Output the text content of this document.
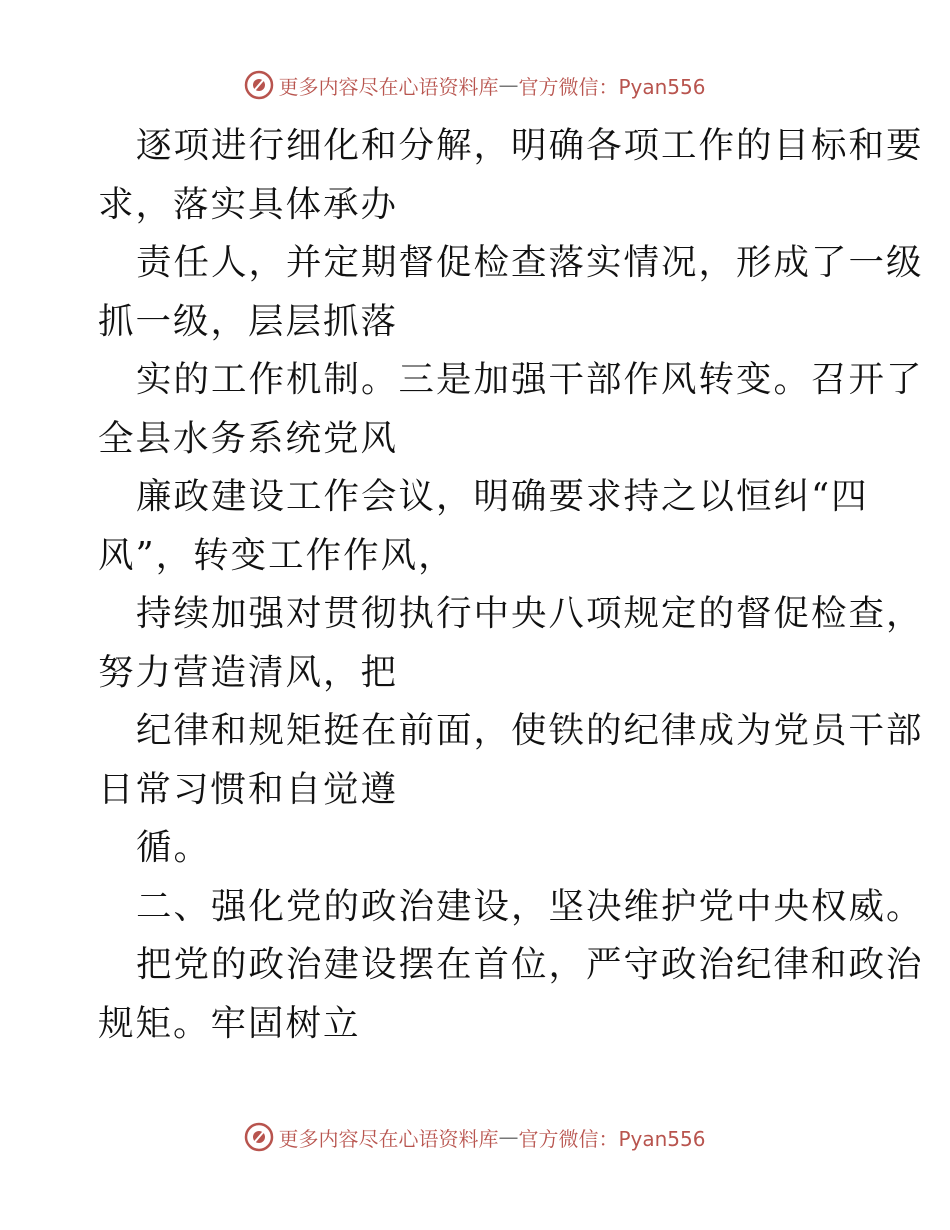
更多内容尽在心语资料库 — 官方微信：Pyan556

逐项进行细化和分解，明确各项工作的目标和要

求，落实具体承办

责任人，并定期督促检查落实情况，形成了一级

抓一级，层层抓落

实的工作机制。三是加强干部作风转变。召开了

全县水务系统党风

廉政建设工作会议，明确要求持之以恒纠“四

风”，转变工作作风，

持续加强对贯彻执行中央八项规定的督促检查，

努力营造清风，把

纪律和规矩挺在前面，使铁的纪律成为党员干部

日常习惯和自觉遵

循。

二、强化党的政治建设，坚决维护党中央权威。

把党的政治建设摆在首位，严守政治纪律和政治

规矩。牢固树立

更多内容尽在心语资料库 — 官方微信：Pyan556
